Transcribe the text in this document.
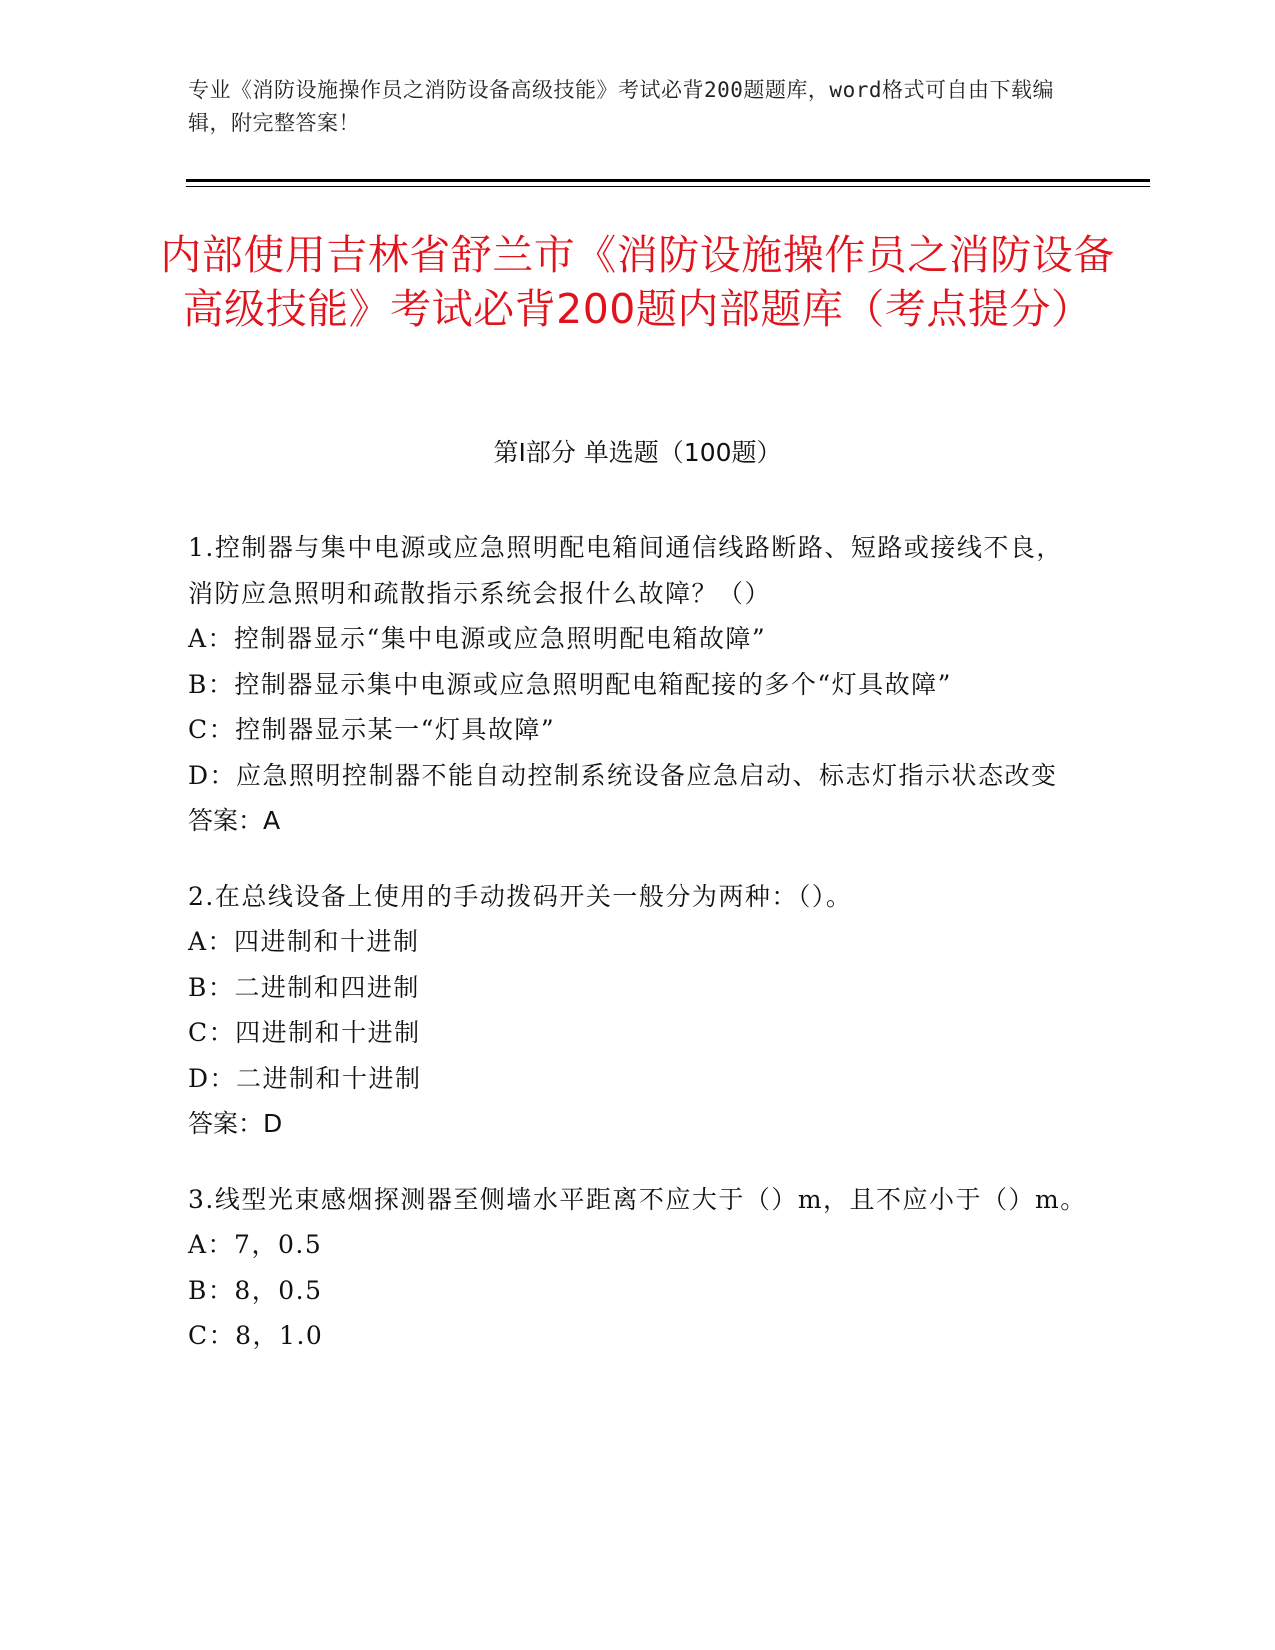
专业《消防设施操作员之消防设备高级技能》考试必背200题题库，word格式可自由下载编辑，附完整答案！
内部使用吉林省舒兰市《消防设施操作员之消防设备高级技能》考试必背200题内部题库（考点提分）
第Ⅰ部分 单选题（100题）
1.控制器与集中电源或应急照明配电箱间通信线路断路、短路或接线不良，消防应急照明和疏散指示系统会报什么故障？（）
A：控制器显示“集中电源或应急照明配电箱故障”
B：控制器显示集中电源或应急照明配电箱配接的多个“灯具故障”
C：控制器显示某一“灯具故障”
D：应急照明控制器不能自动控制系统设备应急启动、标志灯指示状态改变
答案：A
2.在总线设备上使用的手动拨码开关一般分为两种：（）。
A：四进制和十进制
B：二进制和四进制
C：四进制和十进制
D：二进制和十进制
答案：D
3.线型光束感烟探测器至侧墙水平距离不应大于（）m，且不应小于（）m。
A：7，0.5
B：8，0.5
C：8，1.0
